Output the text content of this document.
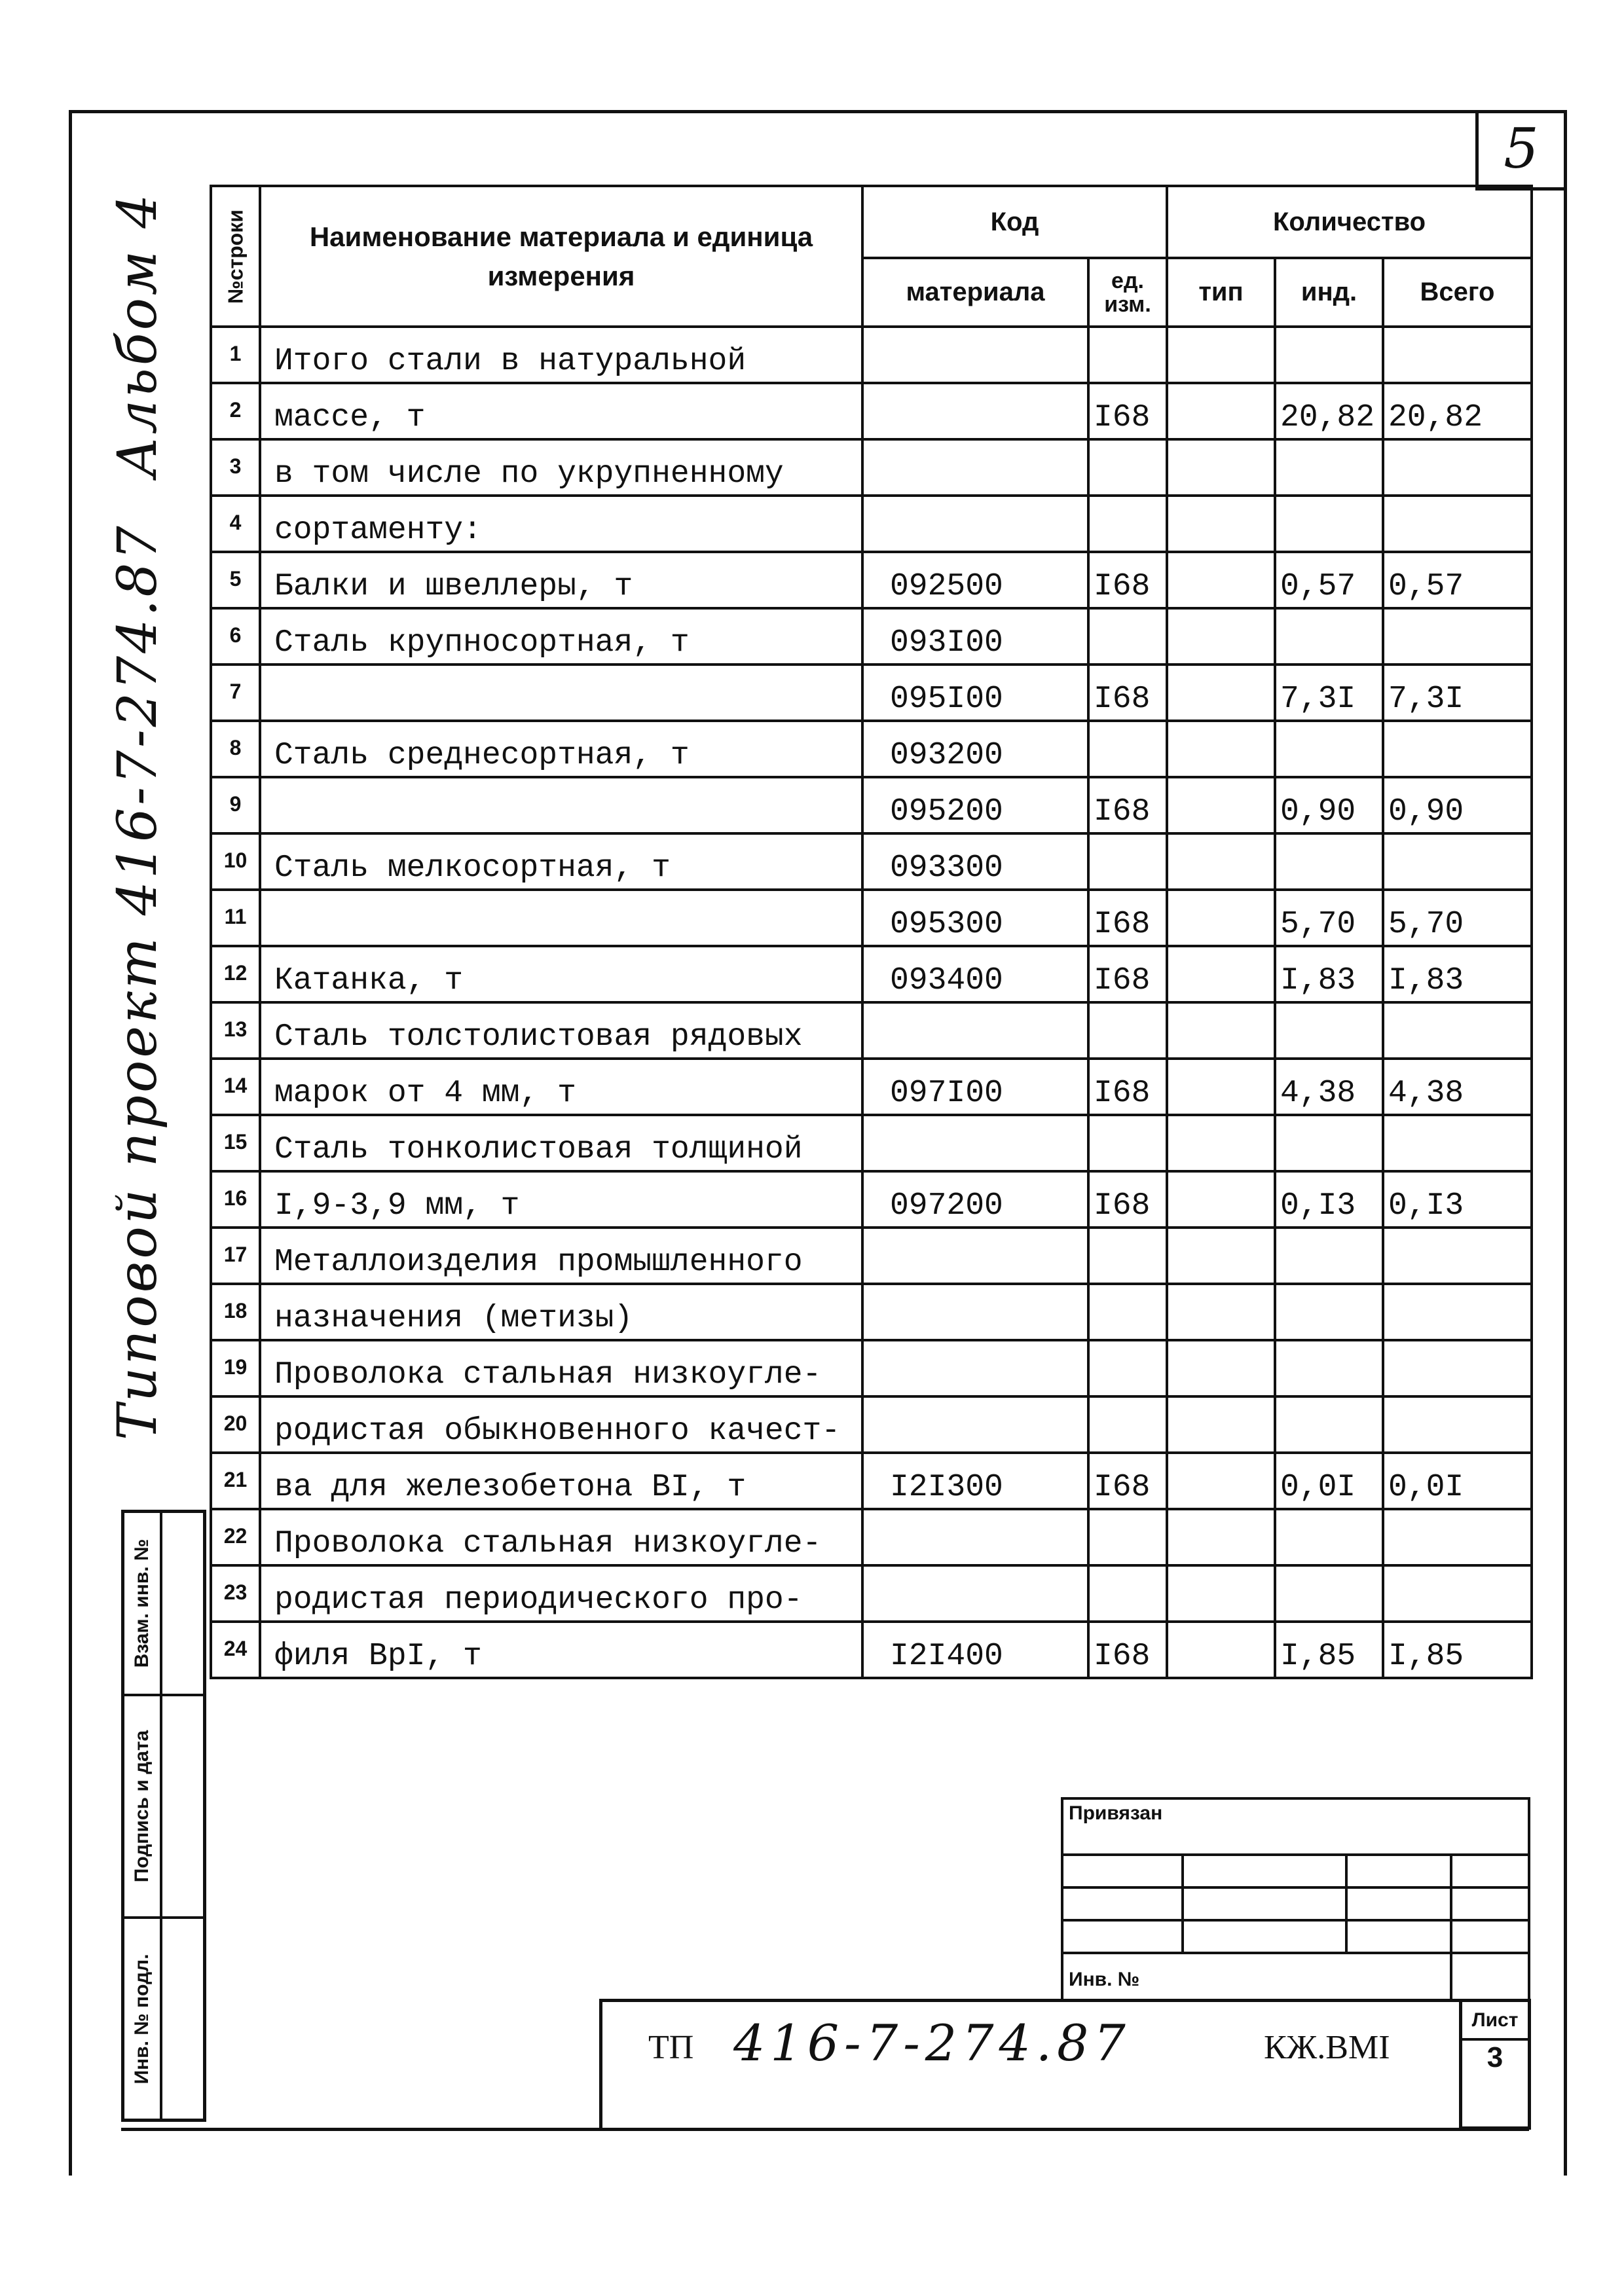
5
Типовой проект 416-7-274.87
Альбом 4
Взам. инв. №
Подпись и дата
Инв. № подл.
№строки	Наименование материала и единица измерения	Код		Количество		
		материала	ед. изм.	тип	инд.	Всего
1	Итого стали в натуральной					
2	массе, т		I68		20,82	20,82
3	в том числе по укрупненному					
4	сортаменту:					
5	Балки и швеллеры, т	092500	I68		0,57	0,57
6	Сталь крупносортная, т	093I00				
7		095I00	I68		7,3I	7,3I
8	Сталь среднесортная, т	093200				
9		095200	I68		0,90	0,90
10	Сталь мелкосортная, т	093300				
11		095300	I68		5,70	5,70
12	Катанка, т	093400	I68		I,83	I,83
13	Сталь толстолистовая рядовых					
14	марок от 4 мм, т	097I00	I68		4,38	4,38
15	Сталь тонколистовая толщиной					
16	I,9-3,9 мм, т	097200	I68		0,I3	0,I3
17	Металлоизделия промышленного					
18	назначения (метизы)					
19	Проволока стальная низкоугле-					
20	родистая обыкновенного качест-					
21	ва для железобетона BI, т	I2I300	I68		0,0I	0,0I
22	Проволока стальная низкоугле-					
23	родистая периодического про-					
24	филя BpI, т	I2I400	I68		I,85	I,85
Привязан
Инв. №
ТП 416-7-274.87	КЖ.ВМI
Лист
3
